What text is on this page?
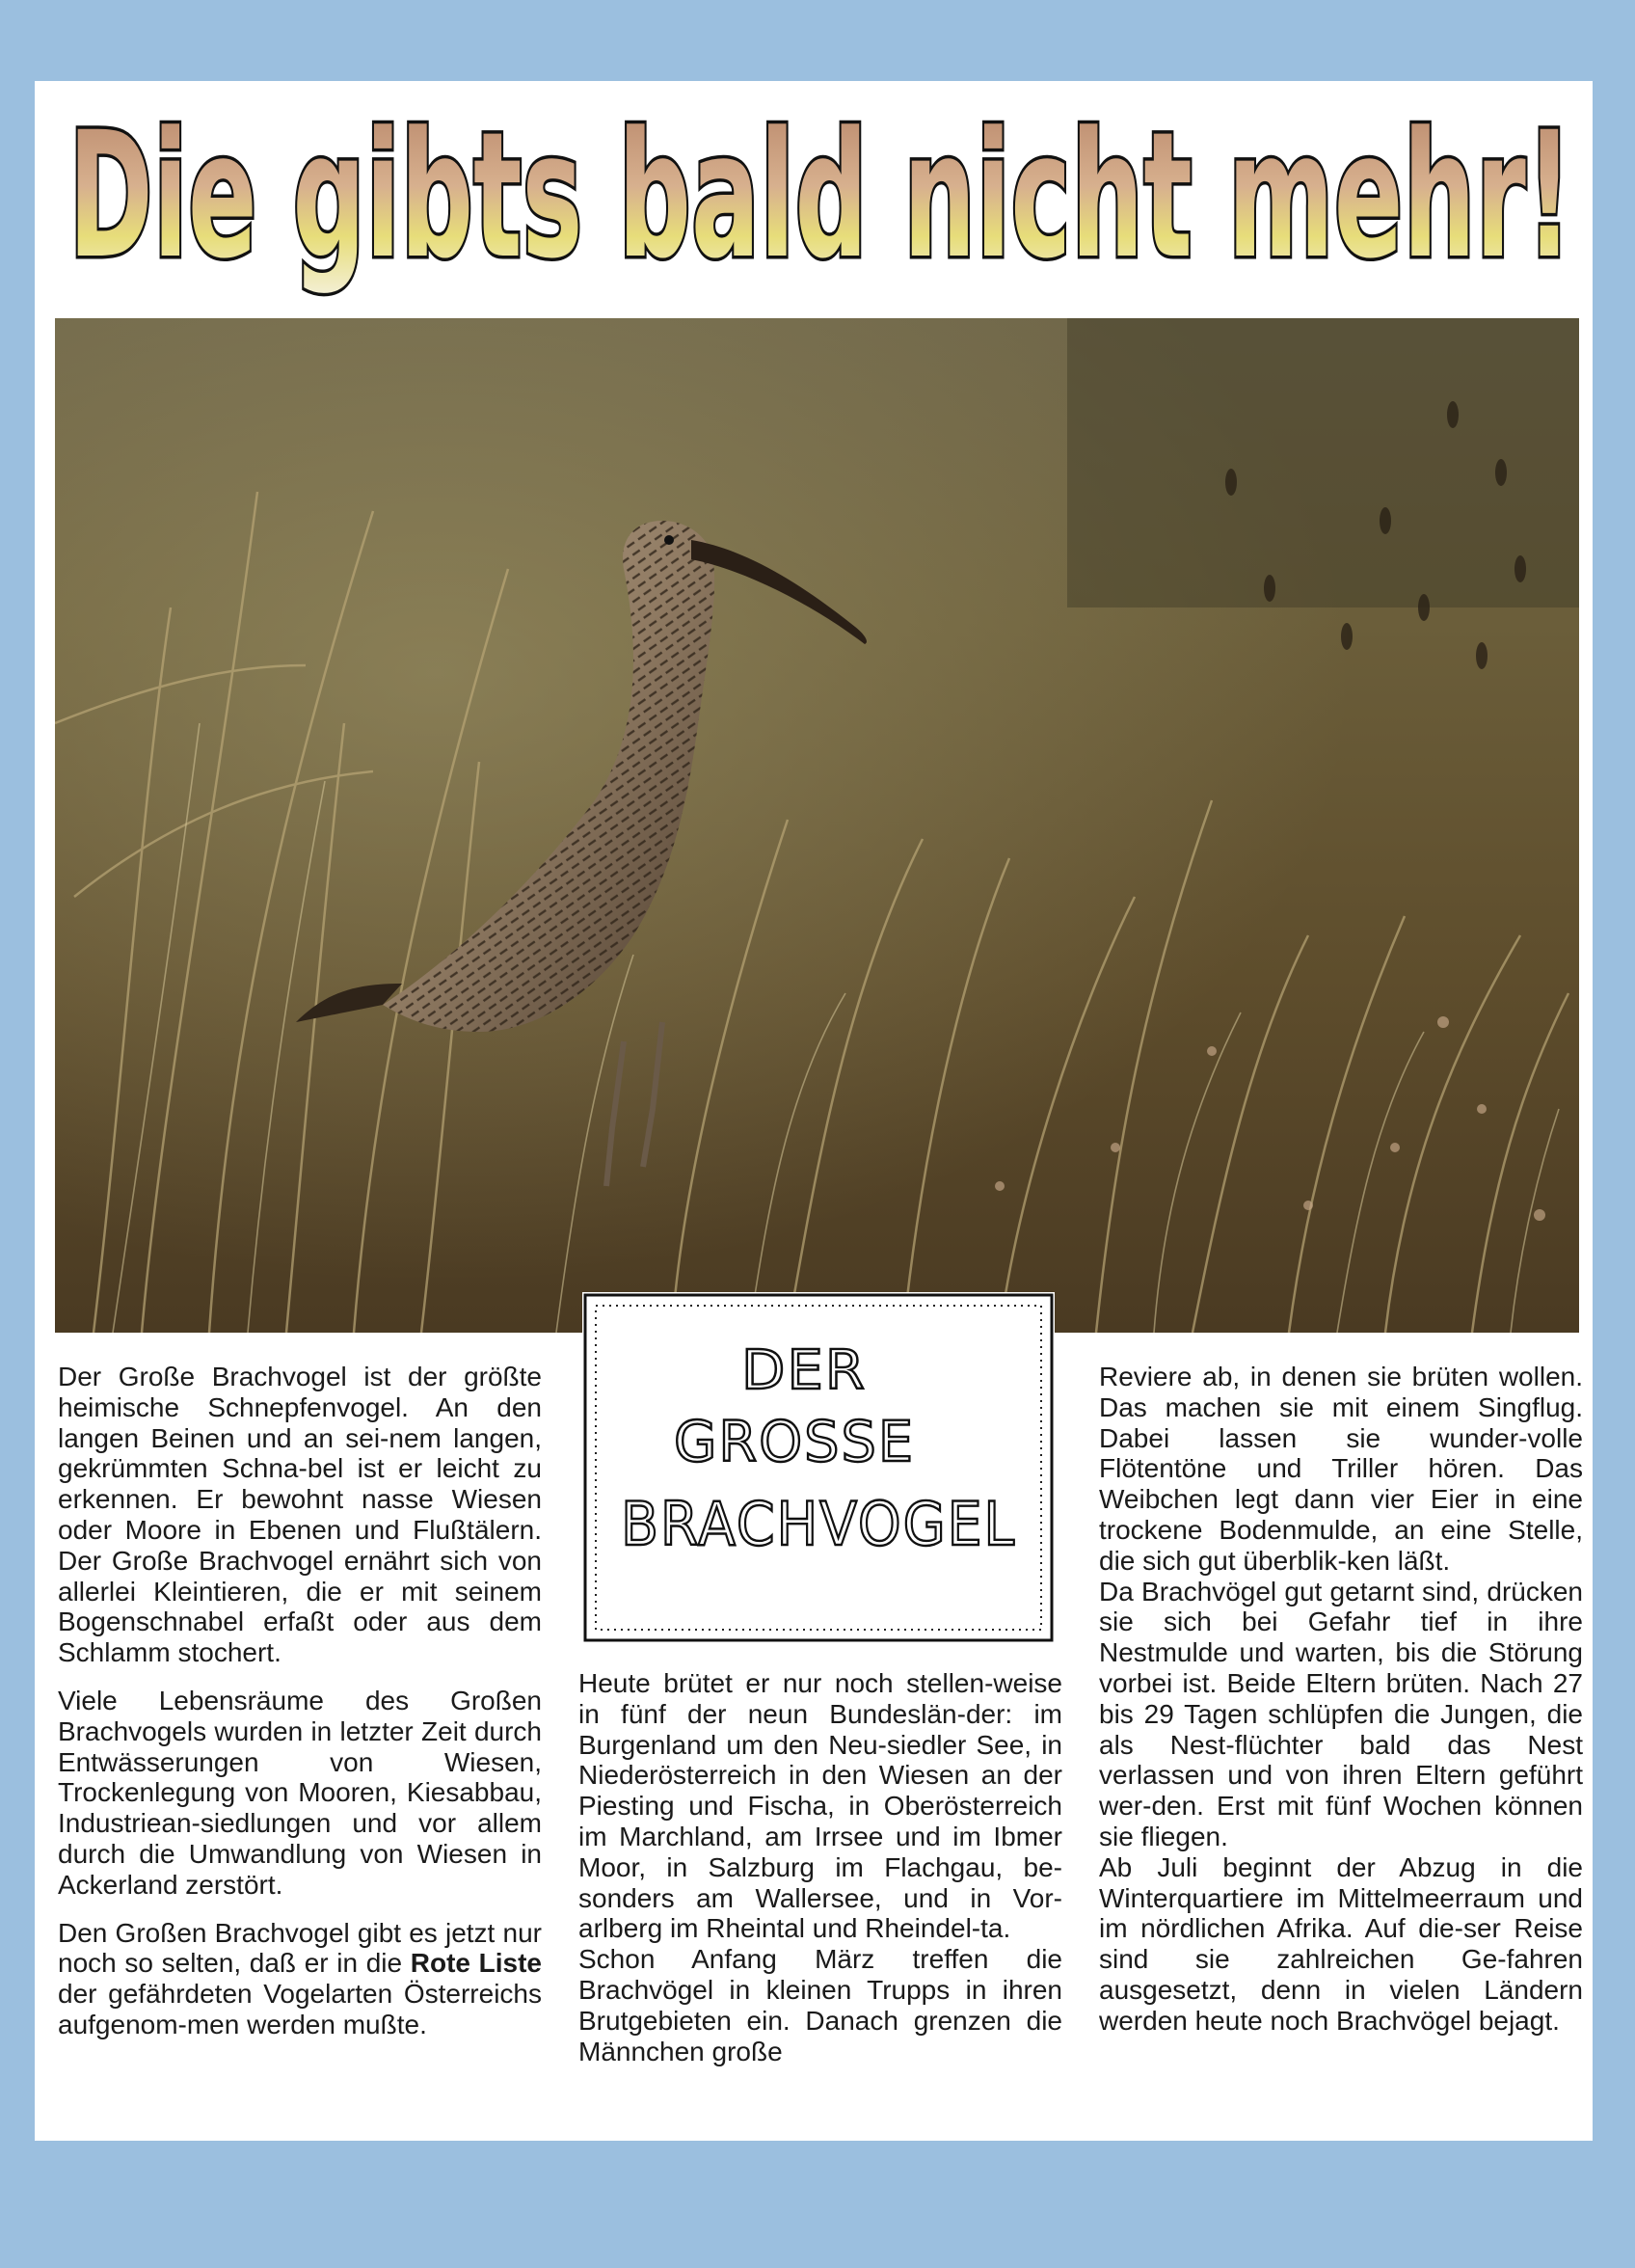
Die gibts bald nicht mehr!
DER
GROSSE
BRACHVOGEL

Der Große Brachvogel ist der größte heimische Schnepfenvogel. An den langen Beinen und an sei-nem langen, gekrümmten Schna-bel ist er leicht zu erkennen. Er bewohnt nasse Wiesen oder Moore in Ebenen und Flußtälern. Der Große Brachvogel ernährt sich von allerlei Kleintieren, die er mit seinem Bogenschnabel erfaßt oder aus dem Schlamm stochert.

Viele Lebensräume des Großen Brachvogels wurden in letzter Zeit durch Entwässerungen von Wiesen, Trockenlegung von Mooren, Kiesabbau, Industriean-siedlungen und vor allem durch die Umwandlung von Wiesen in Ackerland zerstört.

Den Großen Brachvogel gibt es jetzt nur noch so selten, daß er in die Rote Liste der gefährdeten Vogelarten Österreichs aufgenom-men werden mußte.

Heute brütet er nur noch stellen-weise in fünf der neun Bundeslän-der: im Burgenland um den Neu-siedler See, in Niederösterreich in den Wiesen an der Piesting und Fischa, in Oberösterreich im Marchland, am Irrsee und im Ibmer Moor, in Salzburg im Flachgau, be-sonders am Wallersee, und in Vor-arlberg im Rheintal und Rheindel-ta.

Schon Anfang März treffen die Brachvögel in kleinen Trupps in ihren Brutgebieten ein. Danach grenzen die Männchen große

Reviere ab, in denen sie brüten wollen. Das machen sie mit einem Singflug. Dabei lassen sie wunder-volle Flötentöne und Triller hören. Das Weibchen legt dann vier Eier in eine trockene Bodenmulde, an eine Stelle, die sich gut überblik-ken läßt.

Da Brachvögel gut getarnt sind, drücken sie sich bei Gefahr tief in ihre Nestmulde und warten, bis die Störung vorbei ist. Beide Eltern brüten. Nach 27 bis 29 Tagen schlüpfen die Jungen, die als Nest-flüchter bald das Nest verlassen und von ihren Eltern geführt wer-den. Erst mit fünf Wochen können sie fliegen.

Ab Juli beginnt der Abzug in die Winterquartiere im Mittelmeerraum und im nördlichen Afrika. Auf die-ser Reise sind sie zahlreichen Ge-fahren ausgesetzt, denn in vielen Ländern werden heute noch Brachvögel bejagt.
